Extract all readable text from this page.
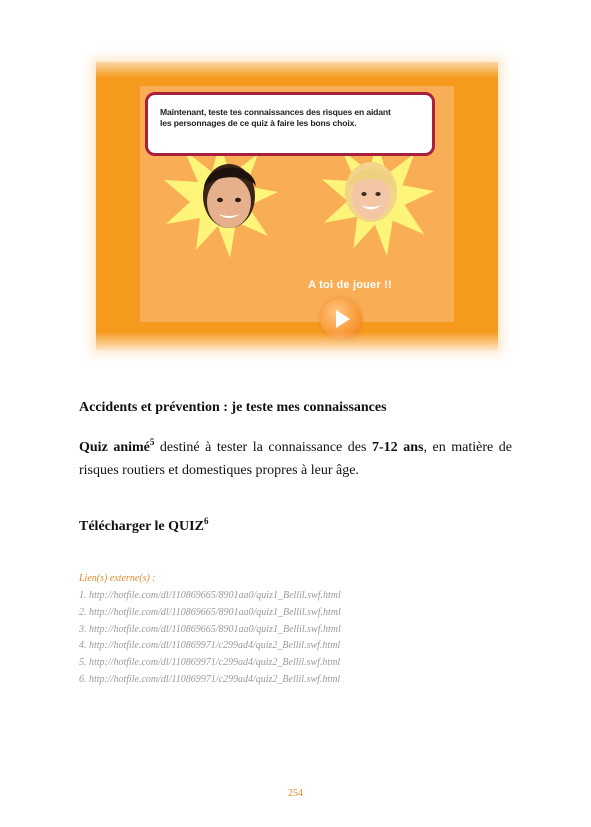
A toi de jouer !!
Maintenant, teste tes connaissances des risques en aidant
les personnages de ce quiz à faire les bons choix.
Accidents et prévention : je teste mes connaissances
Quiz animé$^5$ destiné à tester la connaissance des 7-12 ans, en matière de risques routiers et domestiques propres à leur âge.
Télécharger le QUIZ$^6$
Lien(s) externe(s) :
1. http://hotfile.com/dl/110869665/8901aa0/quiz1_Bellil.swf.html
2. http://hotfile.com/dl/110869665/8901aa0/quiz1_Bellil.swf.html
3. http://hotfile.com/dl/110869665/8901aa0/quiz1_Bellil.swf.html
4. http://hotfile.com/dl/110869971/c299ad4/quiz2_Bellil.swf.html
5. http://hotfile.com/dl/110869971/c299ad4/quiz2_Bellil.swf.html
6. http://hotfile.com/dl/110869971/c299ad4/quiz2_Bellil.swf.html
254
